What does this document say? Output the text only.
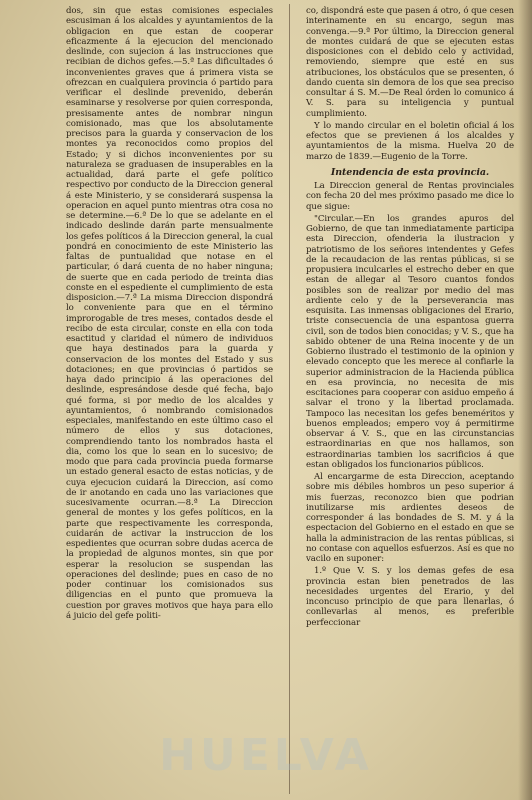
dos, sin que estas comisiones especiales escusiman á los alcaldes y ayuntamientos de la obligacion en que estan de cooperar eficazmente á la ejecucion del mencionado deslinde, con sujecion á las instrucciones que recibian de dichos gefes.—5.ª Las dificultades ó inconvenientes graves que á primera vista se ofrezcan en cualquiera provincia ó partido para verificar el deslinde prevenido, deberán esaminarse y resolverse por quien corresponda, presisamente antes de nombrar ningun comisionado, mas que los absolutamente precisos para la guarda y conservacion de los montes ya reconocidos como propios del Estado; y si dichos inconvenientes por su naturaleza se graduasen de insuperables en la actualidad, dará parte el gefe político respectivo por conducto de la Direccion general á este Ministerio, y se considerará suspensa la operacion en aquel punto mientras otra cosa no se determine.—6.ª De lo que se adelante en el indicado deslinde darán parte mensualmente los gefes políticos á la Direccion general, la cual pondrá en conocimiento de este Ministerio las faltas de puntualidad que notase en el particular, ó dará cuenta de no haber ninguna; de suerte que en cada periodo de treinta dias conste en el espediente el cumplimiento de esta disposicion.—7.ª La misma Direccion dispondrá lo conveniente para que en el término improrogable de tres meses, contados desde el recibo de esta circular, conste en ella con toda esactitud y claridad el número de individuos que haya destinados para la guarda y conservacion de los montes del Estado y sus dotaciones; en que provincias ó partidos se haya dado principio á las operaciones del deslinde, espresándose desde qué fecha, bajo qué forma, si por medio de los alcaldes y ayuntamientos, ó nombrando comisionados especiales, manifestando en este último caso el número de ellos y sus dotaciones, comprendiendo tanto los nombrados hasta el dia, como los que lo sean en lo sucesivo; de modo que para cada provincia pueda formarse un estado general esacto de estas noticias, y de cuya ejecucion cuidará la Direccion, así como de ir anotando en cada uno las variaciones que sucesivamente ocurran.—8.ª La Direccion general de montes y los gefes políticos, en la parte que respectivamente les corresponda, cuidarán de activar la instruccion de los espedientes que ocurran sobre dudas acerca de la propiedad de algunos montes, sin que por esperar la resolucion se suspendan las operaciones del deslinde; pues en caso de no poder continuar los comisionados sus diligencias en el punto que promueva la cuestion por graves motivos que haya para ello á juicio del gefe politi-

co, dispondrá este que pasen á otro, ó que cesen interinamente en su encargo, segun mas convenga.—9.ª Por último, la Direccion general de montes cuidará de que se ejecuten estas disposiciones con el debido celo y actividad, removiendo, siempre que esté en sus atribuciones, los obstáculos que se presenten, ó dando cuenta sin demora de los que sea preciso consultar á S. M.—De Real órden lo comunico á V. S. para su inteligencia y puntual cumplimiento.

Y lo mando circular en el boletin oficial á los efectos que se previenen á los alcaldes y ayuntamientos de la misma. Huelva 20 de marzo de 1839.—Eugenio de la Torre.

Intendencia de esta provincia.

La Direccion general de Rentas provinciales con fecha 20 del mes próximo pasado me dice lo que sigue:

"Circular.—En los grandes apuros del Gobierno, de que tan inmediatamente participa esta Direccion, ofenderia la ilustracion y patriotismo de los señores intendentes y Gefes de la recaudacion de las rentas públicas, si se propusiera inculcarles el estrecho deber en que estan de allegar al Tesoro cuantos fondos posibles son de realizar por medio del mas ardiente celo y de la perseverancia mas esquisita. Las inmensas obligaciones del Erario, triste consecuencia de una espantosa guerra civil, son de todos bien conocidas; y V. S., que ha sabido obtener de una Reina inocente y de un Gobierno ilustrado el testimonio de la opinion y elevado concepto que les merece al confiarle la superior administracion de la Hacienda pública en esa provincia, no necesita de mis escitaciones para cooperar con asiduo empeño á salvar el trono y la libertad proclamada. Tampoco las necesitan los gefes beneméritos y buenos empleados; empero voy á permitirme observar á V. S., que en las circunstancias estraordinarias en que nos hallamos, son estraordinarias tambien los sacrificios á que estan obligados los funcionarios públicos.

Al encargarme de esta Direccion, aceptando sobre mis débiles hombros un peso superior á mis fuerzas, reconozco bien que podrian inutilizarse mis ardientes deseos de corresponder á las bondades de S. M. y á la espectacion del Gobierno en el estado en que se halla la administracion de las rentas públicas, si no contase con aquellos esfuerzos. Así es que no vacilo en suponer:

1.º Que V. S. y los demas gefes de esa provincia estan bien penetrados de las necesidades urgentes del Erario, y del inconcuso principio de que para llenarlas, ó conllevarlas al menos, es preferible perfeccionar

HUELVA
